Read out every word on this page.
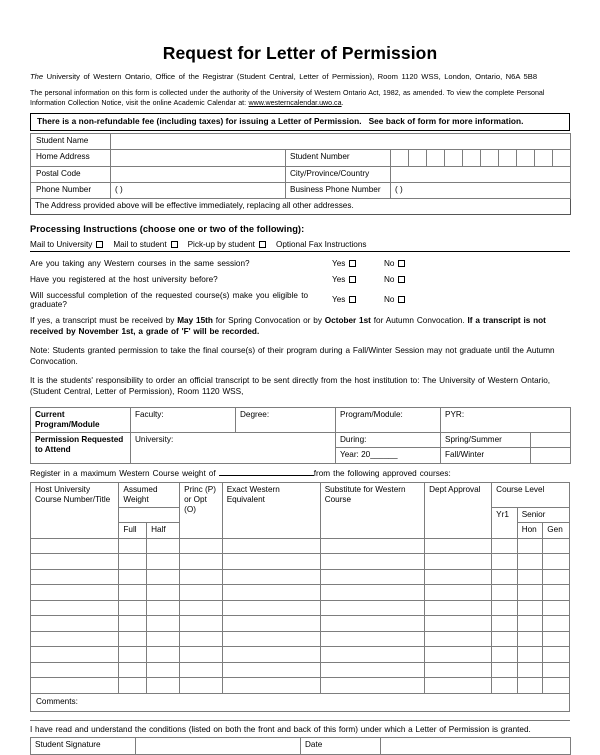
Request for Letter of Permission
The University of Western Ontario, Office of the Registrar (Student Central, Letter of Permission), Room 1120 WSS, London, Ontario, N6A 5B8
The personal information on this form is collected under the authority of the University of Western Ontario Act, 1982, as amended. To view the complete Personal Information Collection Notice, visit the online Academic Calendar at: www.westerncalendar.uwo.ca.
There is a non-refundable fee (including taxes) for issuing a Letter of Permission. See back of form for more information.
Student Name			
Home Address		Student Number	

Postal Code		City/Province/Country	
Phone Number	( )	Business Phone Number	( )
The Address provided above will be effective immediately, replacing all other addresses.			
Processing Instructions (choose one or two of the following):
Mail to University	Mail to student	Pick-up by student	Optional Fax Instructions
Are you taking any Western courses in the same session?	Yes	No
Have you registered at the host university before?	Yes	No
Will successful completion of the requested course(s) make you eligible to graduate?	Yes	No
If yes, a transcript must be received by May 15th for Spring Convocation or by October 1st for Autumn Convocation. If a transcript is not received by November 1st, a grade of 'F' will be recorded.
Note: Students granted permission to take the final course(s) of their program during a Fall/Winter Session may not graduate until the Autumn Convocation.
It is the students' responsibility to order an official transcript to be sent directly from the host institution to: The University of Western Ontario, (Student Central, Letter of Permission), Room 1120 WSS,
Current
Program/Module	Faculty:	Degree:	Program/Module:	PYR:	
Permission Requested
to Attend	University:		During:	Spring/Summer	
			Year: 20______	Fall/Winter	
Register in a maximum Western Course weight of	from the following approved courses:
Host University Course Number/Title	Assumed Weight		Princ (P) or Opt (O)	Exact Western Equivalent	Substitute for Western Course	Dept Approval	Course Level		
							Yr1	Senior	
	Full	Half						Hon	Gen

Comments:									
I have read and understand the conditions (listed on both the front and back of this form) under which a Letter of Permission is granted.
Student Signature		Date	
